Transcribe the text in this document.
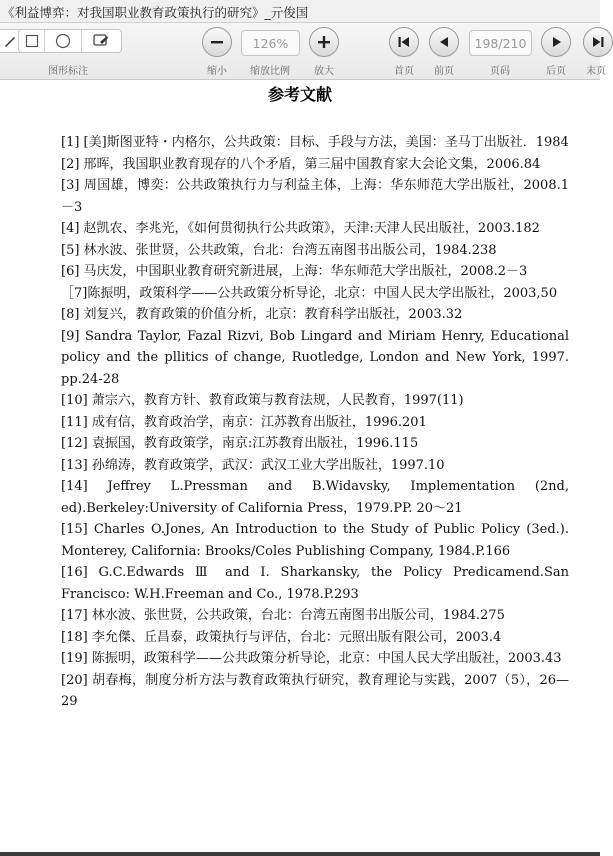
《利益博弈：对我国职业教育政策执行的研究》_亓俊国
图形标注	缩小
126%
缩放比例 放大	首页 前页
198/210
页码	后页 末页
参考文献

[1] [美]斯图亚特・内格尔，公共政策：目标、手段与方法，美国：圣马丁出版社．1984

[2] 邢晖，我国职业教育现存的八个矛盾，第三届中国教育家大会论文集，2006.84

[3] 周国雄，博奕：公共政策执行力与利益主体，上海：华东师范大学出版社，2008.1－3

[4] 赵凯农、李兆光，《如何贯彻执行公共政策》，天津:天津人民出版社，2003.182

[5] 林水波、张世贤，公共政策，台北：台湾五南图书出版公司，1984.238

[6] 马庆发，中国职业教育研究新进展，上海：华东师范大学出版社，2008.2－3

［7]陈振明，政策科学——公共政策分析导论，北京：中国人民大学出版社，2003,50

[8] 刘复兴，教育政策的价值分析，北京：教育科学出版社，2003.32

[9] Sandra Taylor, Fazal Rizvi, Bob Lingard and Miriam Henry, Educational policy and the pllitics of change, Ruotledge, London and New York, 1997. pp.24-28

[10] 萧宗六，教育方针、教育政策与教育法规，人民教育，1997(11)

[11] 成有信，教育政治学，南京：江苏教育出版社，1996.201

[12] 袁振国，教育政策学，南京:江苏教育出版社，1996.115

[13] 孙绵涛，教育政策学，武汉：武汉工业大学出版社，1997.10

[14] Jeffrey L.Pressman and B.Widavsky, Implementation (2nd, ed).Berkeley:University of California Press，1979.PP. 20～21

[15] Charles O.Jones, An Introduction to the Study of Public Policy (3ed.). Monterey, California: Brooks/Coles Publishing Company, 1984.P.166

[16] G.C.Edwards Ⅲ and I. Sharkansky, the Policy Predicamend.San Francisco: W.H.Freeman and Co., 1978.P.293

[17] 林水波、张世贤，公共政策，台北：台湾五南图书出版公司，1984.275

[18] 李允傑、丘昌泰，政策执行与评估，台北：元照出版有限公司，2003.4

[19] 陈振明，政策科学——公共政策分析导论，北京：中国人民大学出版社，2003.43

[20] 胡春梅，制度分析方法与教育政策执行研究，教育理论与实践，2007（5），26—29
